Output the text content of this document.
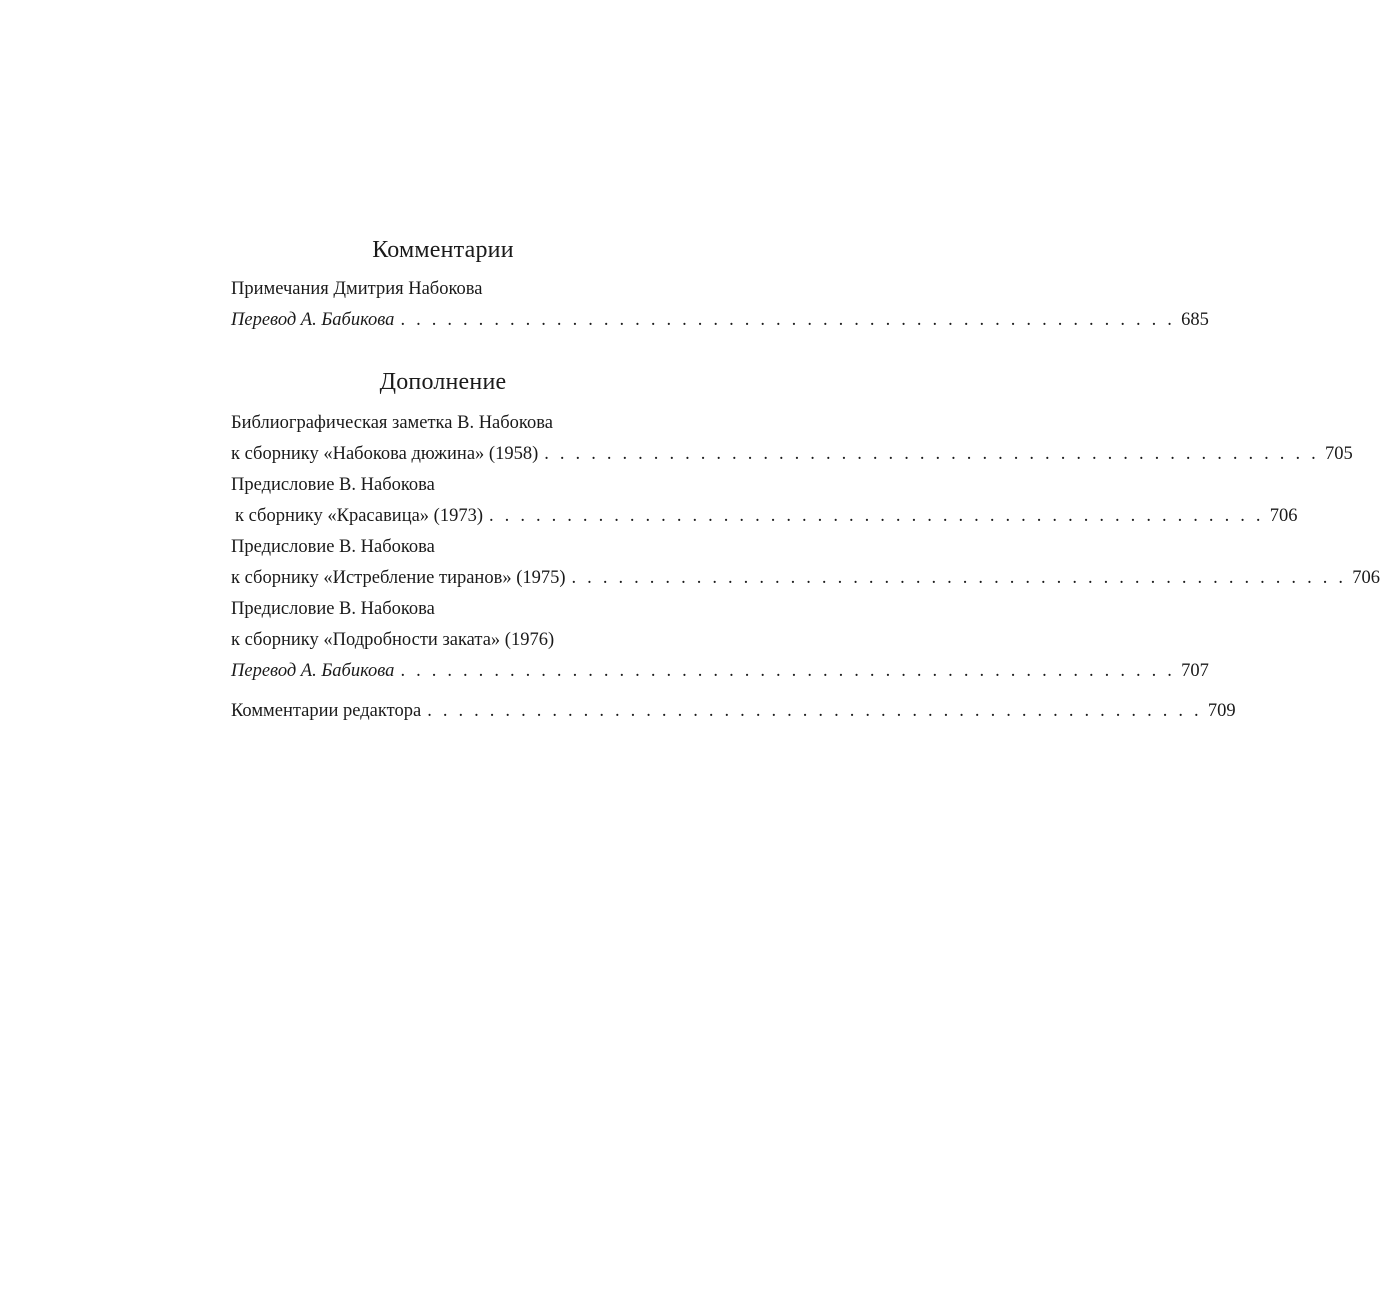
Комментарии
Примечания Дмитрия Набокова
Перевод А. Бабикова . . . . . . . . . . . . . . . . . . . . . . . . . . . . . . . . . . . . . . . . . . . . . . . . . . 685
Дополнение
Библиографическая заметка В. Набокова
к сборнику «Набокова дюжина» (1958) . . . . . . . . . . . . . . . . . . . . . . . . . . . . . . . . . . . . . . . . . . . . . . . . . . 705
Предисловие В. Набокова
к сборнику «Красавица» (1973) . . . . . . . . . . . . . . . . . . . . . . . . . . . . . . . . . . . . . . . . . . . . . . . . . . 706
Предисловие В. Набокова
к сборнику «Истребление тиранов» (1975) . . . . . . . . . . . . . . . . . . . . . . . . . . . . . . . . . . . . . . . . . . . . . . . . . . 706
Предисловие В. Набокова
к сборнику «Подробности заката» (1976)
Перевод А. Бабикова . . . . . . . . . . . . . . . . . . . . . . . . . . . . . . . . . . . . . . . . . . . . . . . . . . 707
Комментарии редактора . . . . . . . . . . . . . . . . . . . . . . . . . . . . . . . . . . . . . . . . . . . . . . . . . . 709
